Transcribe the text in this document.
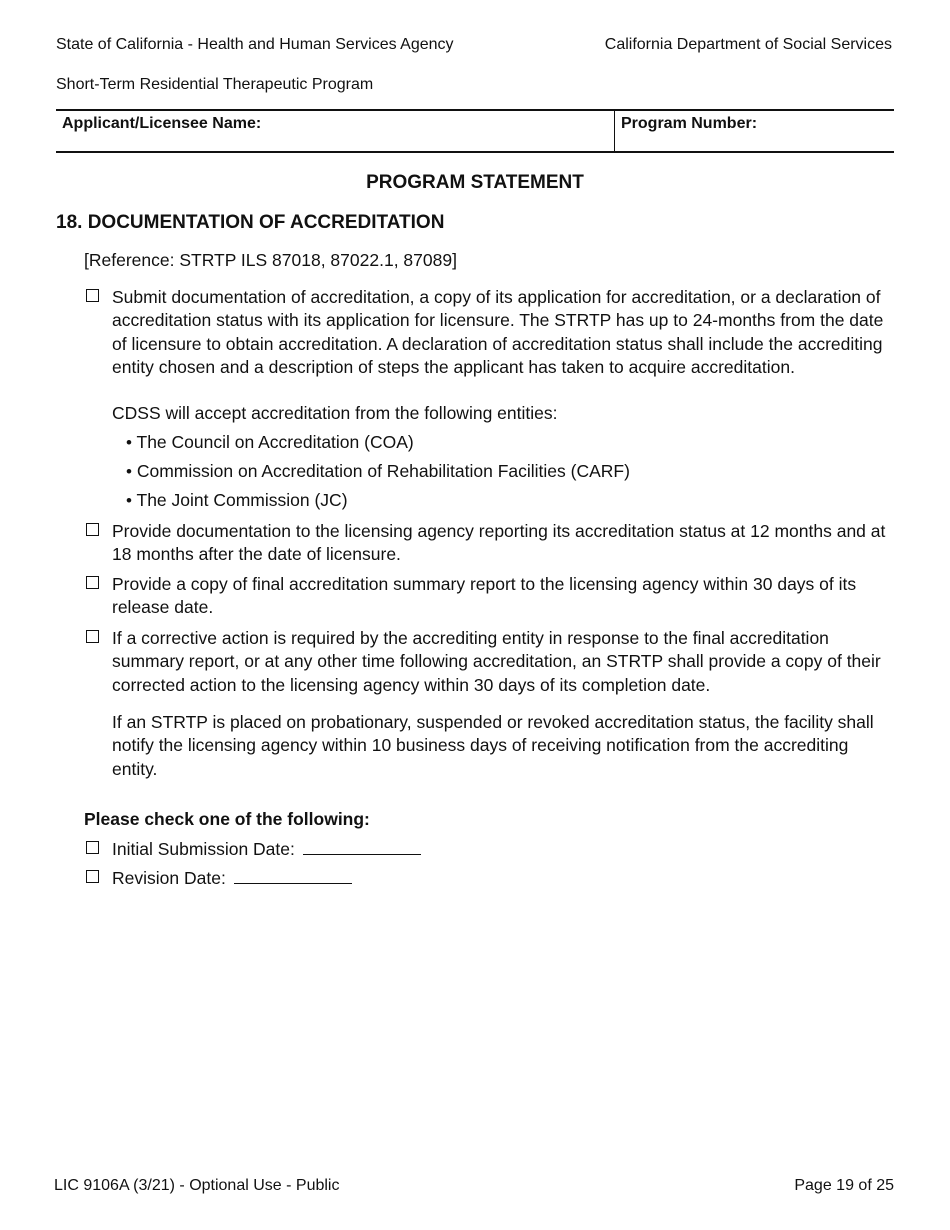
State of California - Health and Human Services Agency	California Department of Social Services
Short-Term Residential Therapeutic Program
Applicant/Licensee Name:	Program Number:
PROGRAM STATEMENT
18. DOCUMENTATION OF ACCREDITATION
[Reference: STRTP ILS 87018, 87022.1, 87089]
Submit documentation of accreditation, a copy of its application for accreditation, or a declaration of accreditation status with its application for licensure. The STRTP has up to 24-months from the date of licensure to obtain accreditation. A declaration of accreditation status shall include the accrediting entity chosen and a description of steps the applicant has taken to acquire accreditation.
CDSS will accept accreditation from the following entities:
• The Council on Accreditation (COA)
• Commission on Accreditation of Rehabilitation Facilities (CARF)
• The Joint Commission (JC)
Provide documentation to the licensing agency reporting its accreditation status at 12 months and at 18 months after the date of licensure.
Provide a copy of final accreditation summary report to the licensing agency within 30 days of its release date.
If a corrective action is required by the accrediting entity in response to the final accreditation summary report, or at any other time following accreditation, an STRTP shall provide a copy of their corrected action to the licensing agency within 30 days of its completion date.
If an STRTP is placed on probationary, suspended or revoked accreditation status, the facility shall notify the licensing agency within 10 business days of receiving notification from the accrediting entity.
Please check one of the following:
Initial Submission Date:
Revision Date:
LIC 9106A (3/21) - Optional Use - Public	Page 19 of 25
